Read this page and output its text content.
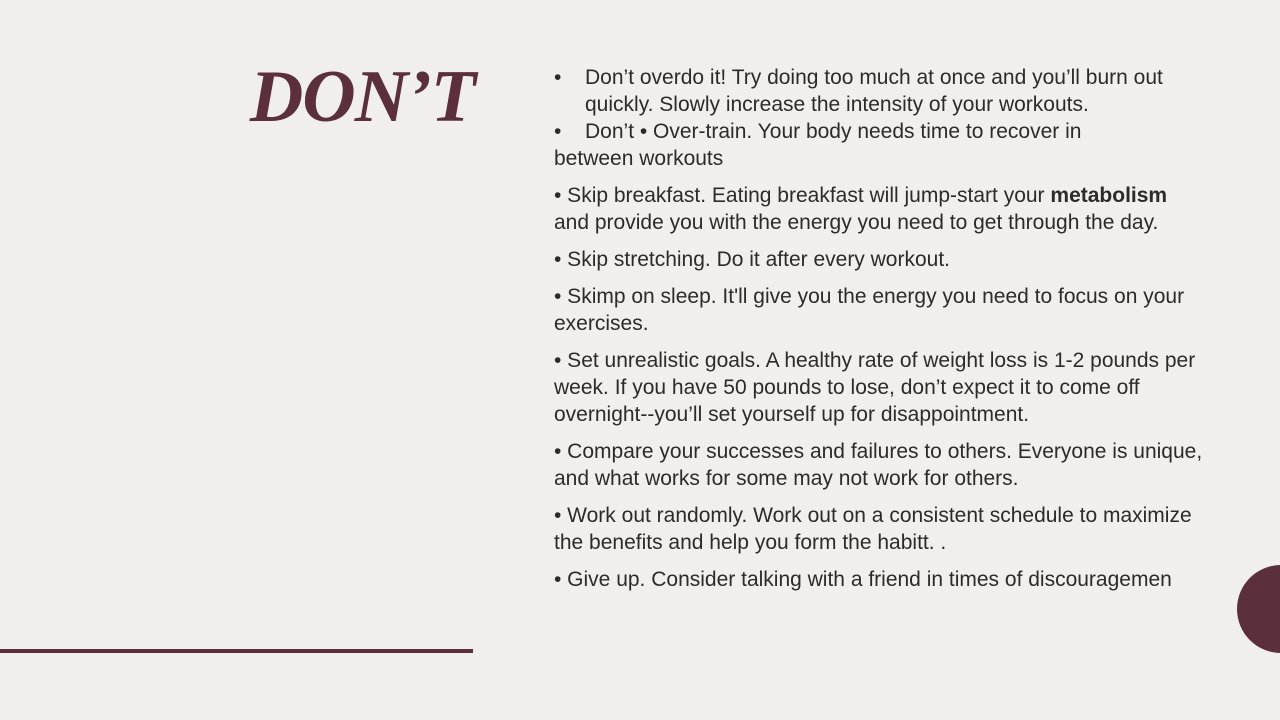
DON’T	•	Don’t overdo it! Try doing too much at once and you’ll burn out quickly. Slowly increase the intensity of your workouts.
•	Don’t • Over-train. Your body needs time to recover in

between workouts

• Skip breakfast. Eating breakfast will jump-start your metabolism and provide you with the energy you need to get through the day.

• Skip stretching. Do it after every workout.

• Skimp on sleep. It'll give you the energy you need to focus on your exercises.

• Set unrealistic goals. A healthy rate of weight loss is 1-2 pounds per week. If you have 50 pounds to lose, don’t expect it to come off overnight--you’ll set yourself up for disappointment.

• Compare your successes and failures to others. Everyone is unique, and what works for some may not work for others.

• Work out randomly. Work out on a consistent schedule to maximize the benefits and help you form the habitt. .

• Give up. Consider talking with a friend in times of discouragemen
